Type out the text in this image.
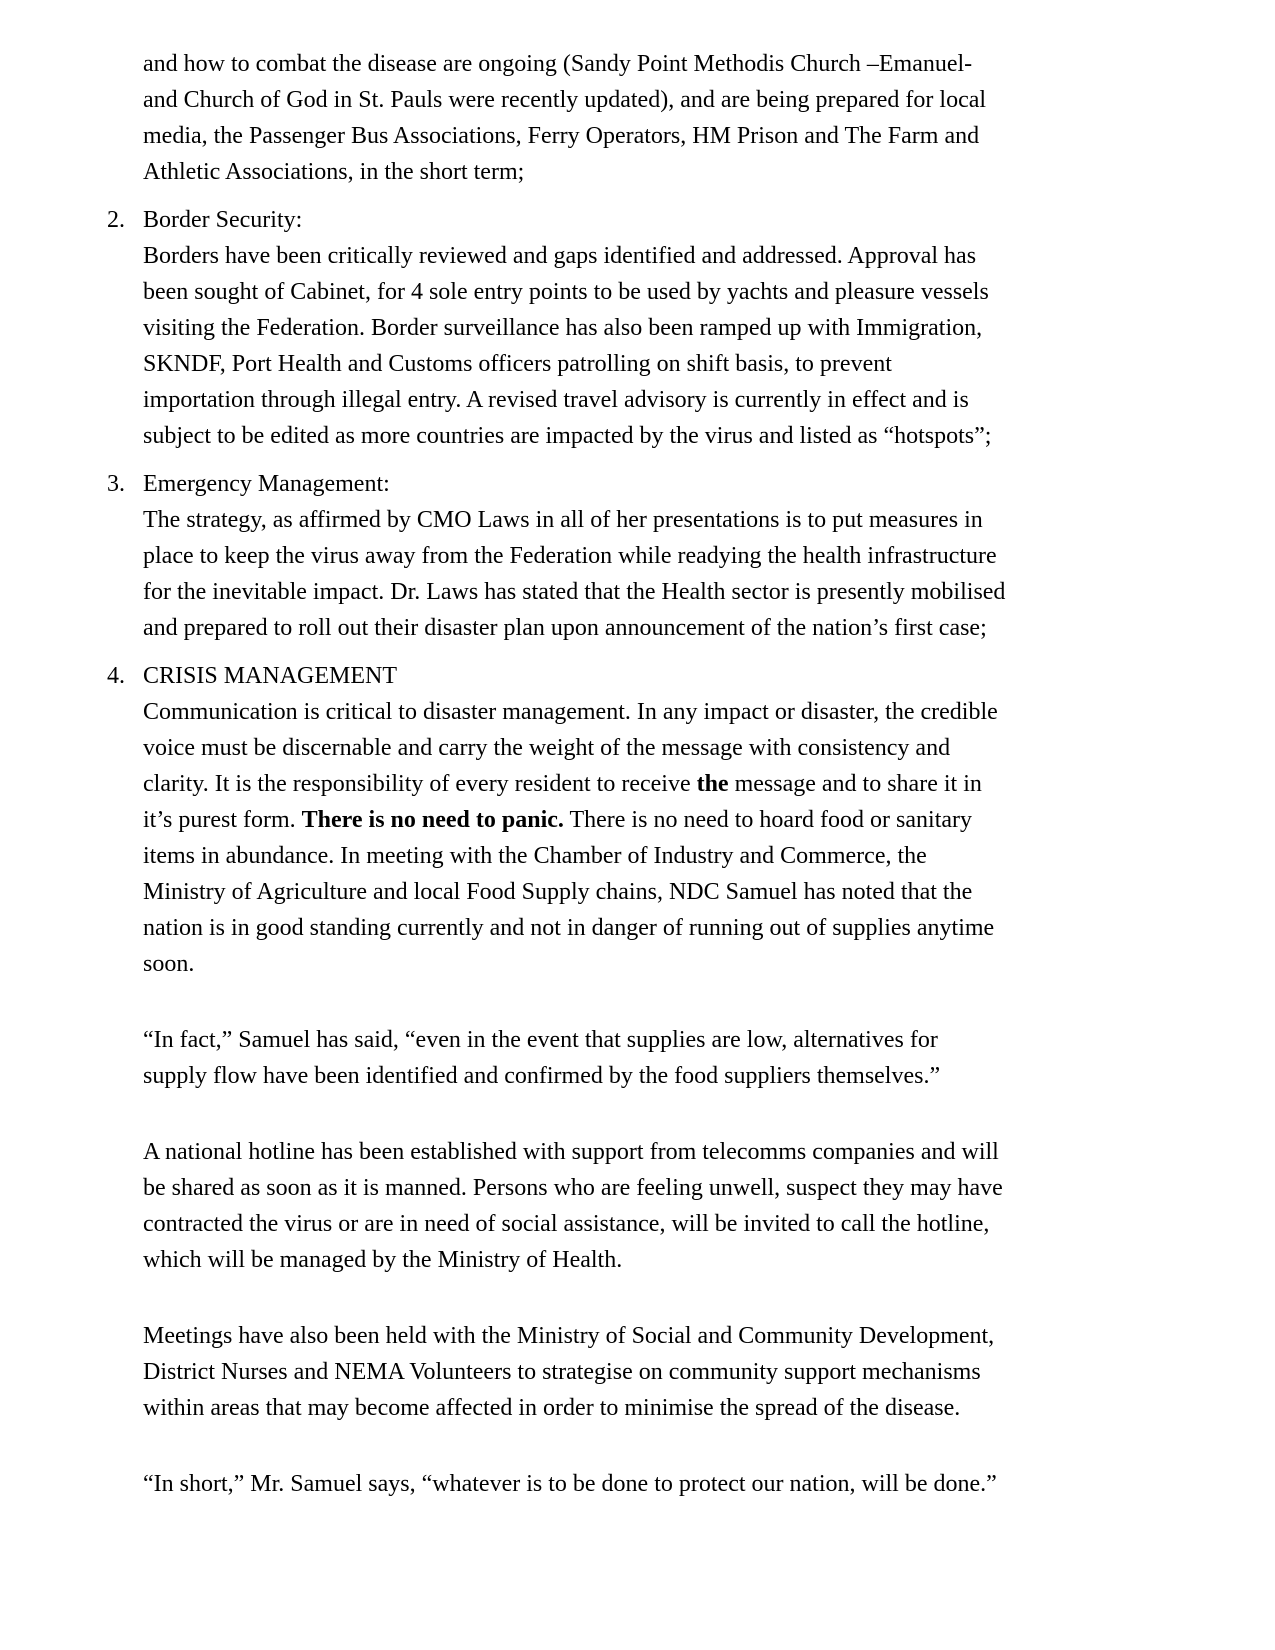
and how to combat the disease are ongoing (Sandy Point Methodis Church –Emanuel-
and Church of God in St. Pauls were recently updated), and are being prepared for local
media, the Passenger Bus Associations, Ferry Operators, HM Prison and The Farm and
Athletic Associations, in the short term;
2. Border Security:
Borders have been critically reviewed and gaps identified and addressed. Approval has
been sought of Cabinet, for 4 sole entry points to be used by yachts and pleasure vessels
visiting the Federation. Border surveillance has also been ramped up with Immigration,
SKNDF, Port Health and Customs officers patrolling on shift basis, to prevent
importation through illegal entry. A revised travel advisory is currently in effect and is
subject to be edited as more countries are impacted by the virus and listed as “hotspots”;
3. Emergency Management:
The strategy, as affirmed by CMO Laws in all of her presentations is to put measures in
place to keep the virus away from the Federation while readying the health infrastructure
for the inevitable impact. Dr. Laws has stated that the Health sector is presently mobilised
and prepared to roll out their disaster plan upon announcement of the nation’s first case;
4. CRISIS MANAGEMENT
Communication is critical to disaster management. In any impact or disaster, the credible
voice must be discernable and carry the weight of the message with consistency and
clarity. It is the responsibility of every resident to receive the message and to share it in
it’s purest form. There is no need to panic. There is no need to hoard food or sanitary
items in abundance. In meeting with the Chamber of Industry and Commerce, the
Ministry of Agriculture and local Food Supply chains, NDC Samuel has noted that the
nation is in good standing currently and not in danger of running out of supplies anytime
soon.
“In fact,” Samuel has said, “even in the event that supplies are low, alternatives for
supply flow have been identified and confirmed by the food suppliers themselves.”
A national hotline has been established with support from telecomms companies and will
be shared as soon as it is manned. Persons who are feeling unwell, suspect they may have
contracted the virus or are in need of social assistance, will be invited to call the hotline,
which will be managed by the Ministry of Health.
Meetings have also been held with the Ministry of Social and Community Development,
District Nurses and NEMA Volunteers to strategise on community support mechanisms
within areas that may become affected in order to minimise the spread of the disease.
“In short,” Mr. Samuel says, “whatever is to be done to protect our nation, will be done.”
